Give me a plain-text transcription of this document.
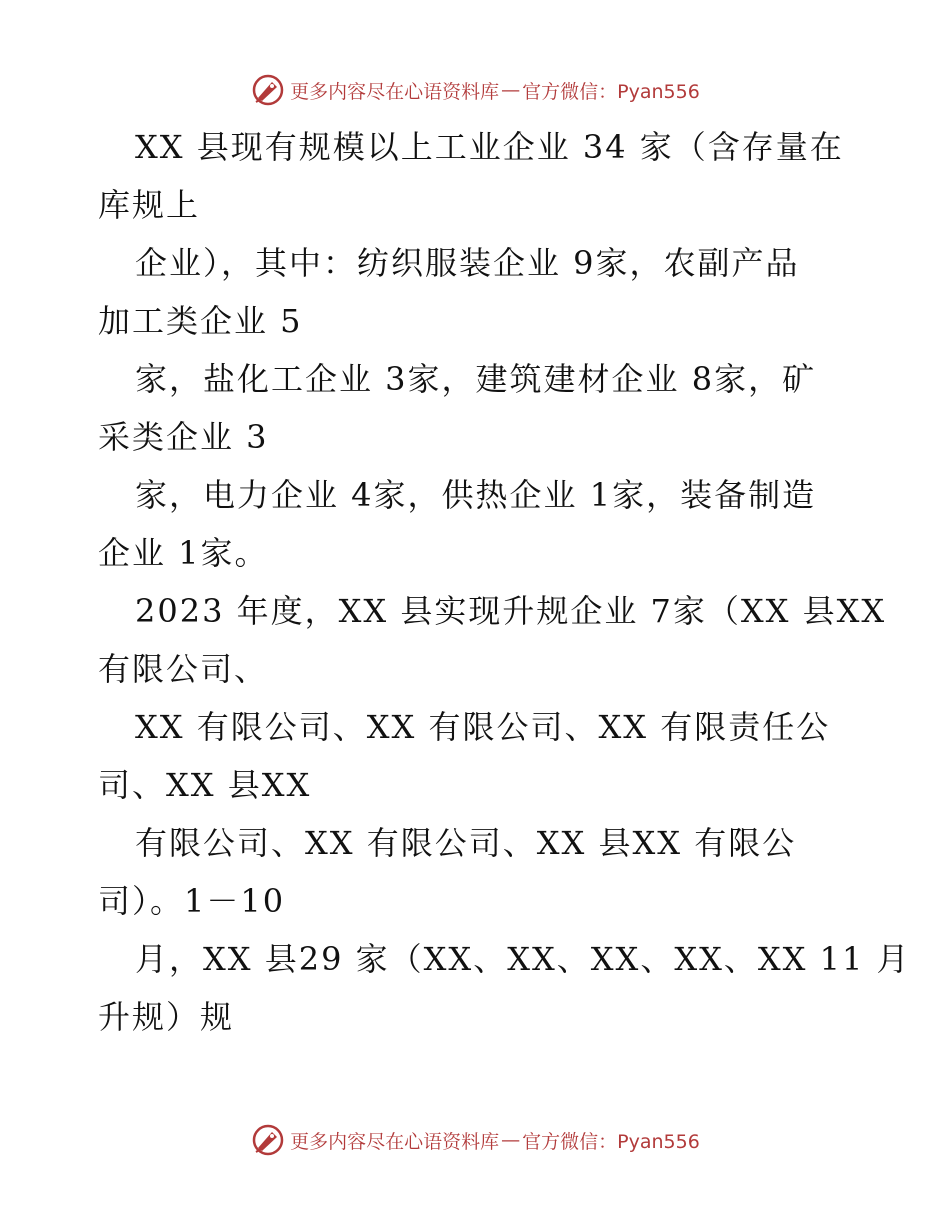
更多内容尽在心语资料库 — 官方微信：Pyan556
XX 县现有规模以上工业企业 34 家（含存量在
库规上
企业），其中：纺织服装企业 9家，农副产品
加工类企业 5
家，盐化工企业 3家，建筑建材企业 8家，矿
采类企业 3
家，电力企业 4家，供热企业 1家，装备制造
企业 1家。
2023 年度，XX 县实现升规企业 7家（XX 县XX
有限公司、
XX 有限公司、XX 有限公司、XX 有限责任公
司、XX 县XX
有限公司、XX 有限公司、XX 县XX 有限公
司）。1－10
月，XX 县29 家（XX、XX、XX、XX、XX 11 月
升规）规
更多内容尽在心语资料库 — 官方微信：Pyan556
